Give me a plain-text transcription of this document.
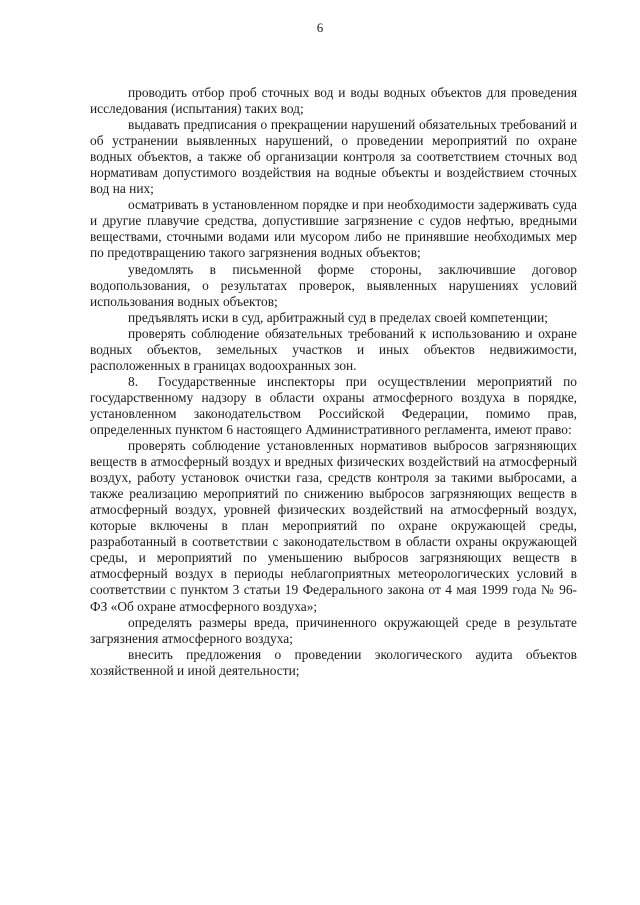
6

проводить отбор проб сточных вод и воды водных объектов для проведения исследования (испытания) таких вод;

выдавать предписания о прекращении нарушений обязательных требований и об устранении выявленных нарушений, о проведении мероприятий по охране водных объектов, а также об организации контроля за соответствием сточных вод нормативам допустимого воздействия на водные объекты и воздействием сточных вод на них;

осматривать в установленном порядке и при необходимости задерживать суда и другие плавучие средства, допустившие загрязнение с судов нефтью, вредными веществами, сточными водами или мусором либо не принявшие необходимых мер по предотвращению такого загрязнения водных объектов;

уведомлять в письменной форме стороны, заключившие договор водопользования, о результатах проверок, выявленных нарушениях условий использования водных объектов;

предъявлять иски в суд, арбитражный суд в пределах своей компетенции;

проверять соблюдение обязательных требований к использованию и охране водных объектов, земельных участков и иных объектов недвижимости, расположенных в границах водоохранных зон.

8. Государственные инспекторы при осуществлении мероприятий по государственному надзору в области охраны атмосферного воздуха в порядке, установленном законодательством Российской Федерации, помимо прав, определенных пунктом 6 настоящего Административного регламента, имеют право:

проверять соблюдение установленных нормативов выбросов загрязняющих веществ в атмосферный воздух и вредных физических воздействий на атмосферный воздух, работу установок очистки газа, средств контроля за такими выбросами, а также реализацию мероприятий по снижению выбросов загрязняющих веществ в атмосферный воздух, уровней физических воздействий на атмосферный воздух, которые включены в план мероприятий по охране окружающей среды, разработанный в соответствии с законодательством в области охраны окружающей среды, и мероприятий по уменьшению выбросов загрязняющих веществ в атмосферный воздух в периоды неблагоприятных метеорологических условий в соответствии с пунктом 3 статьи 19 Федерального закона от 4 мая 1999 года № 96-ФЗ «Об охране атмосферного воздуха»;

определять размеры вреда, причиненного окружающей среде в результате загрязнения атмосферного воздуха;

внесить предложения о проведении экологического аудита объектов хозяйственной и иной деятельности;
